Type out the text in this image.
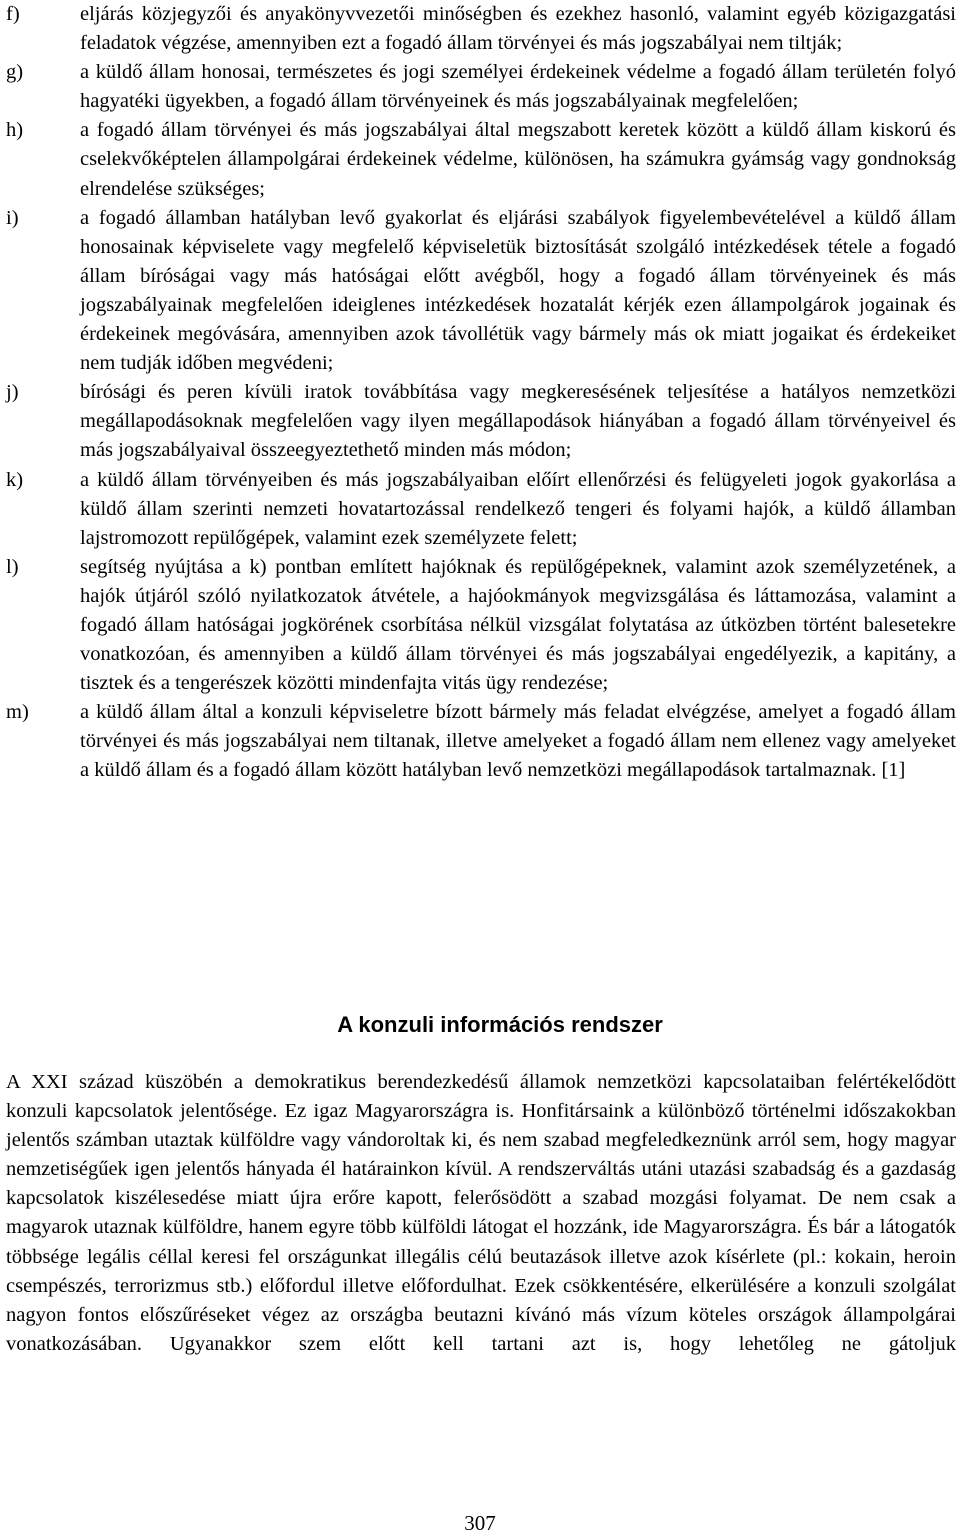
f)	eljárás közjegyzői és anyakönyvvezetői minőségben és ezekhez hasonló, valamint egyéb közigazgatási feladatok végzése, amennyiben ezt a fogadó állam törvényei és más jogszabályai nem tiltják;
g)	a küldő állam honosai, természetes és jogi személyei érdekeinek védelme a fogadó állam területén folyó hagyatéki ügyekben, a fogadó állam törvényeinek és más jogszabályainak megfelelően;
h)	a fogadó állam törvényei és más jogszabályai által megszabott keretek között a küldő állam kiskorú és cselekvőképtelen állampolgárai érdekeinek védelme, különösen, ha számukra gyámság vagy gondnokság elrendelése szükséges;
i)	a fogadó államban hatályban levő gyakorlat és eljárási szabályok figyelembevételével a küldő állam honosainak képviselete vagy megfelelő képviseletük biztosítását szolgáló intézkedések tétele a fogadó állam bíróságai vagy más hatóságai előtt avégből, hogy a fogadó állam törvényeinek és más jogszabályainak megfelelően ideiglenes intézkedések hozatalát kérjék ezen állampolgárok jogainak és érdekeinek megóvására, amennyiben azok távollétük vagy bármely más ok miatt jogaikat és érdekeiket nem tudják időben megvédeni;
j)	bírósági és peren kívüli iratok továbbítása vagy megkeresésének teljesítése a hatályos nemzetközi megállapodásoknak megfelelően vagy ilyen megállapodások hiányában a fogadó állam törvényeivel és más jogszabályaival összeegyeztethető minden más módon;
k)	a küldő állam törvényeiben és más jogszabályaiban előírt ellenőrzési és felügyeleti jogok gyakorlása a küldő állam szerinti nemzeti hovatartozással rendelkező tengeri és folyami hajók, a küldő államban lajstromozott repülőgépek, valamint ezek személyzete felett;
l)	segítség nyújtása a k) pontban említett hajóknak és repülőgépeknek, valamint azok személyzetének, a hajók útjáról szóló nyilatkozatok átvétele, a hajóokmányok megvizsgálása és láttamozása, valamint a fogadó állam hatóságai jogkörének csorbítása nélkül vizsgálat folytatása az útközben történt balesetekre vonatkozóan, és amennyiben a küldő állam törvényei és más jogszabályai engedélyezik, a kapitány, a tisztek és a tengerészek közötti mindenfajta vitás ügy rendezése;
m)	a küldő állam által a konzuli képviseletre bízott bármely más feladat elvégzése, amelyet a fogadó állam törvényei és más jogszabályai nem tiltanak, illetve amelyeket a fogadó állam nem ellenez vagy amelyeket a küldő állam és a fogadó állam között hatályban levő nemzetközi megállapodások tartalmaznak. [1]
A konzuli információs rendszer
A XXI század küszöbén a demokratikus berendezkedésű államok nemzetközi kapcsolataiban felértékelődött konzuli kapcsolatok jelentősége. Ez igaz Magyarországra is. Honfitársaink a különböző történelmi időszakokban jelentős számban utaztak külföldre vagy vándoroltak ki, és nem szabad megfeledkeznünk arról sem, hogy magyar nemzetiségűek igen jelentős hányada él határainkon kívül. A rendszerváltás utáni utazási szabadság és a gazdaság kapcsolatok kiszélesedése miatt újra erőre kapott, felerősödött a szabad mozgási folyamat. De nem csak a magyarok utaznak külföldre, hanem egyre több külföldi látogat el hozzánk, ide Magyarországra. És bár a látogatók többsége legális céllal keresi fel országunkat illegális célú beutazások illetve azok kísérlete (pl.: kokain, heroin csempészés, terrorizmus stb.) előfordul illetve előfordulhat. Ezek csökkentésére, elkerülésére a konzuli szolgálat nagyon fontos előszűréseket végez az országba beutazni kívánó más vízum köteles országok állampolgárai vonatkozásában. Ugyanakkor szem előtt kell tartani azt is, hogy lehetőleg ne gátoljuk
307
